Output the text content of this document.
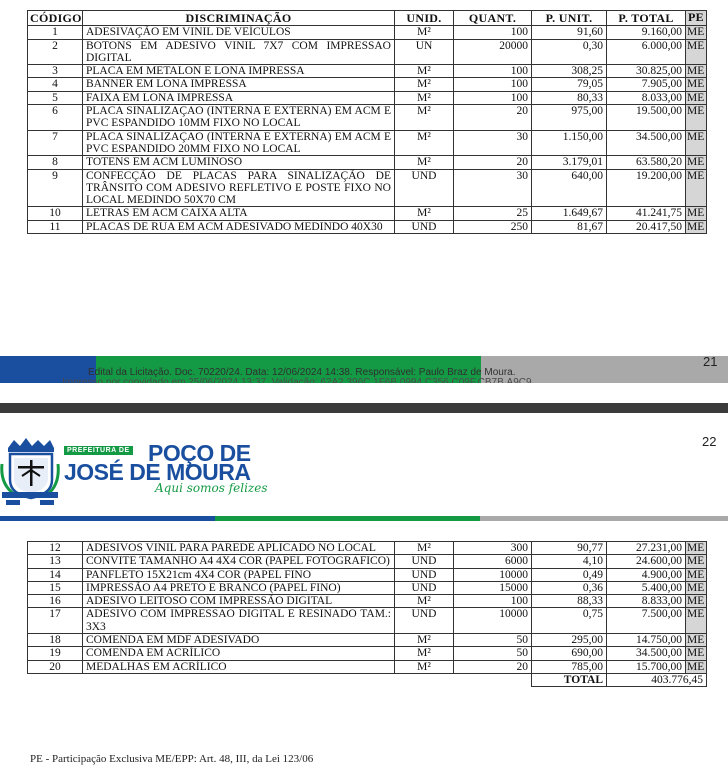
CÓDIGO	DISCRIMINAÇÃO	UNID.	QUANT.	P. UNIT.	P. TOTAL	PE
1	ADESIVAÇÃO EM VINIL DE VEÍCULOS	M²	100	91,60	9.160,00	ME
2	BOTONS EM ADESIVO VINIL 7X7 COM IMPRESSAO DIGITAL	UN	20000	0,30	6.000,00	ME
3	PLACA EM METALON E LONA IMPRESSA	M²	100	308,25	30.825,00	ME
4	BANNER EM LONA IMPRESSA	M²	100	79,05	7.905,00	ME
5	FAIXA EM LONA IMPRESSA	M²	100	80,33	8.033,00	ME
6	PLACA SINALIZAÇAO (INTERNA E EXTERNA) EM ACM E PVC ESPANDIDO 10MM FIXO NO LOCAL	M²	20	975,00	19.500,00	ME
7	PLACA SINALIZAÇAO (INTERNA E EXTERNA) EM ACM E PVC ESPANDIDO 20MM FIXO NO LOCAL	M²	30	1.150,00	34.500,00	ME
8	TOTENS EM ACM LUMINOSO	M²	20	3.179,01	63.580,20	ME
9	CONFECÇÃO DE PLACAS PARA SINALIZAÇÃO DE TRÂNSITO COM ADESIVO REFLETIVO E POSTE FIXO NO LOCAL MEDINDO 50X70 CM	UND	30	640,00	19.200,00	ME
10	LETRAS EM ACM CAIXA ALTA	M²	25	1.649,67	41.241,75	ME
11	PLACAS DE RUA EM ACM ADESIVADO MEDINDO 40X30	UND	250	81,67	20.417,50	ME
Edital da Licitação. Doc. 70220/24. Data: 12/06/2024 14:38. Responsável: Paulo Braz de Moura.
21
22
PREFEITURA DE POÇO DE
JOSÉ DE MOURA
Aqui somos felizes
12	ADESIVOS VINIL PARA PAREDE APLICADO NO LOCAL	M²	300	90,77	27.231,00	ME
13	CONVITE TAMANHO A4 4X4 COR (PAPEL FOTOGRAFICO)	UND	6000	4,10	24.600,00	ME
14	PANFLETO 15X21cm 4X4 COR (PAPEL FINO	UND	10000	0,49	4.900,00	ME
15	IMPRESSÃO A4 PRETO E BRANCO (PAPEL FINO)	UND	15000	0,36	5.400,00	ME
16	ADESIVO LEITOSO COM IMPRESSÃO DIGITAL	M²	100	88,33	8.833,00	ME
17	ADESIVO COM IMPRESSAO DIGITAL E RESINADO TAM.: 3X3	UND	10000	0,75	7.500,00	ME
18	COMENDA EM MDF ADESIVADO	M²	50	295,00	14.750,00	ME
19	COMENDA EM ACRÍLICO	M²	50	690,00	34.500,00	ME
20	MEDALHAS EM ACRÍLICO	M²	20	785,00	15.700,00	ME
				TOTAL	403.776,45	
PE - Participação Exclusiva ME/EPP: Art. 48, III, da Lei 123/06
